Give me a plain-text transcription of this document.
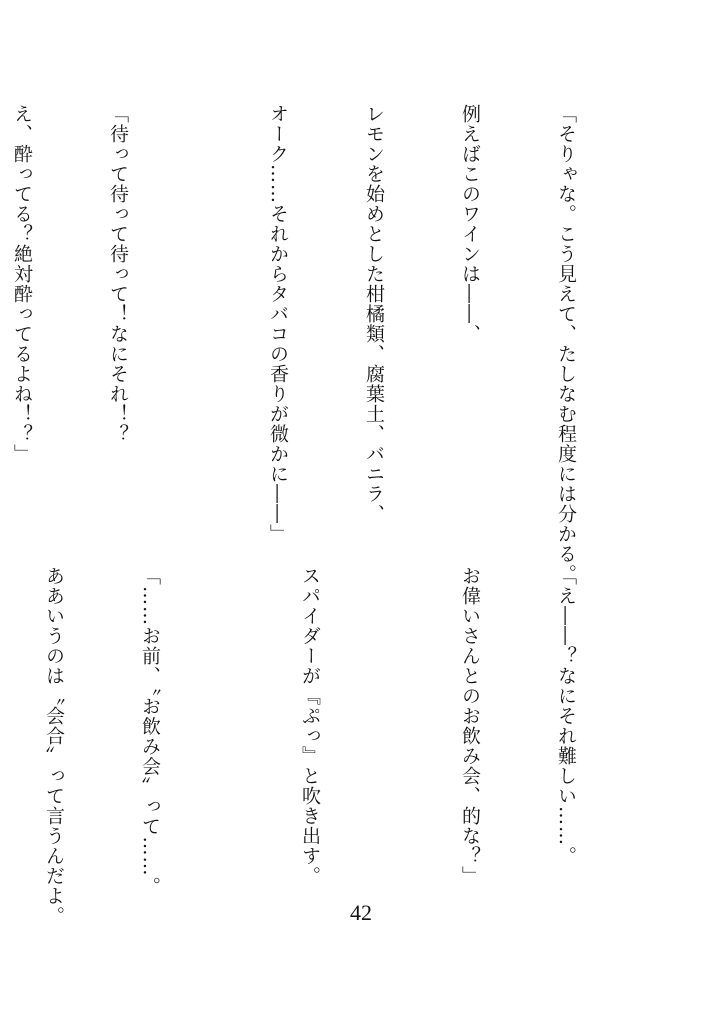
「そりゃな。こう見えて、たしなむ程度には分かる。

例えばこのワインは――、

レモンを始めとした柑橘類、腐葉土、バニラ、

オーク……それからタバコの香りが微かに――」

「待って待って待って！なにそれ！？

え、酔ってる？絶対酔ってるよね！？」

「え――？なにそれ難しい……。

お偉いさんとのお飲み会、的な？」

スパイダーが『ぷっ』と吹き出す。

「……お前、〝お飲み会〟って……。

ああいうのは〝会合〟って言うんだよ。

	42
